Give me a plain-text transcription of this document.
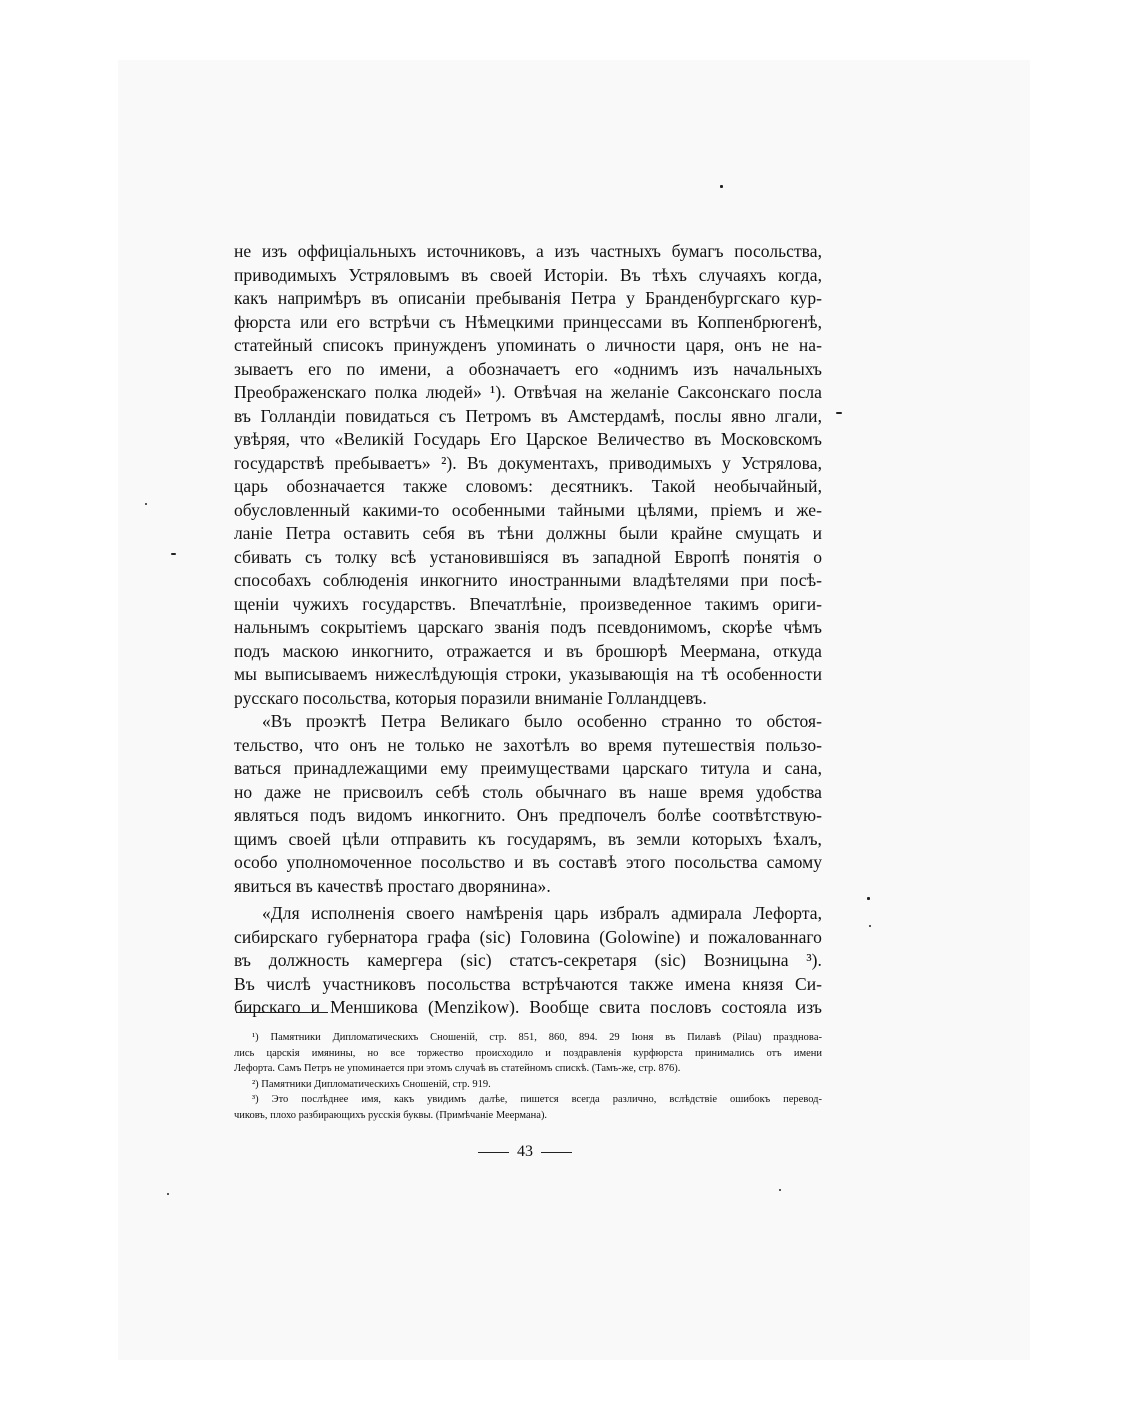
не изъ оффиціальныхъ источниковъ, а изъ частныхъ бумагъ посольства,
приводимыхъ Устряловымъ въ своей Исторіи. Въ тѣхъ случаяхъ когда,
какъ напримѣръ въ описаніи пребыванія Петра у Бранденбургскаго кур-
фюрста или его встрѣчи съ Нѣмецкими принцессами въ Коппенбрюгенѣ,
статейный списокъ принужденъ упоминать о личности царя, онъ не на-
зываетъ его по имени, а обозначаетъ его «однимъ изъ начальныхъ
Преображенскаго полка людей» ¹). Отвѣчая на желаніе Саксонскаго посла
въ Голландіи повидаться съ Петромъ въ Амстердамѣ, послы явно лгали,
увѣряя, что «Великій Государь Его Царское Величество въ Московскомъ
государствѣ пребываетъ» ²). Въ документахъ, приводимыхъ у Устрялова,
царь обозначается также словомъ: десятникъ. Такой необычайный,
обусловленный какими-то особенными тайными цѣлями, пріемъ и же-
ланіе Петра оставить себя въ тѣни должны были крайне смущать и
сбивать съ толку всѣ установившіяся въ западной Европѣ понятія о
способахъ соблюденія инкогнито иностранными владѣтелями при посѣ-
щеніи чужихъ государствъ. Впечатлѣніе, произведенное такимъ ориги-
нальнымъ сокрытіемъ царскаго званія подъ псевдонимомъ, скорѣе чѣмъ
подъ маскою инкогнито, отражается и въ брошюрѣ Меермана, откуда
мы выписываемъ нижеслѣдующія строки, указывающія на тѣ особенности
русскаго посольства, которыя поразили вниманіе Голландцевъ.
«Въ проэктѣ Петра Великаго было особенно странно то обстоя-
тельство, что онъ не только не захотѣлъ во время путешествія пользо-
ваться принадлежащими ему преимуществами царскаго титула и сана,
но даже не присвоилъ себѣ столь обычнаго въ наше время удобства
являться подъ видомъ инкогнито. Онъ предпочелъ болѣе соотвѣтствую-
щимъ своей цѣли отправить къ государямъ, въ земли которыхъ ѣхалъ,
особо уполномоченное посольство и въ составѣ этого посольства самому
явиться въ качествѣ простаго дворянина».
«Для исполненія своего намѣренія царь избралъ адмирала Лефорта,
сибирскаго губернатора графа (sic) Головина (Golowine) и пожалованнаго
въ должность камергера (sic) статсъ-секретаря (sic) Возницына ³).
Въ числѣ участниковъ посольства встрѣчаются также имена князя Си-
бирскаго и Меншикова (Menzikow). Вообще свита пословъ состояла изъ
¹) Памятники Дипломатическихъ Сношеній, стр. 851, 860, 894. 29 Іюня въ Пилавѣ (Pilau) праздновa-
лись царскія имянины, но все торжество происходило и поздравленія курфюрста принимались отъ имени
Лефорта. Самъ Петръ не упоминается при этомъ случаѣ въ статейномъ спискѣ. (Тамъ-же, стр. 876).
²) Памятники Дипломатическихъ Сношеній, стр. 919.
³) Это послѣднее имя, какъ увидимъ далѣе, пишется всегда различно, вслѣдствіе ошибокъ перевод-
чиковъ, плохо разбирающихъ русскія буквы. (Примѣчаніе Меермана).
43
